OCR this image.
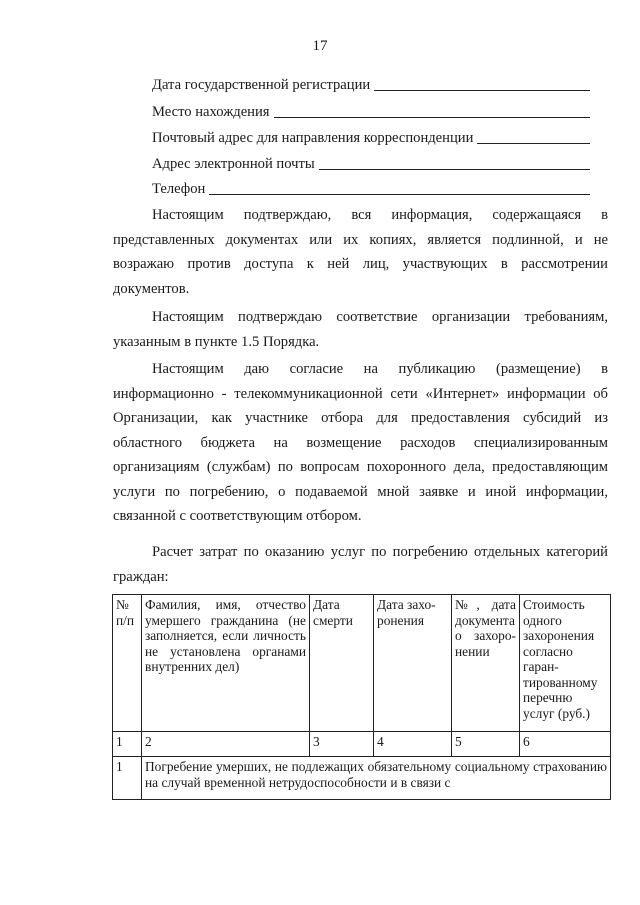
17
Дата государственной регистрации
Место нахождения
Почтовый адрес для направления корреспонденции
Адрес электронной почты
Телефон

Настоящим подтверждаю, вся информация, содержащаяся в представленных документах или их копиях, является подлинной, и не возражаю против доступа к ней лиц, участвующих в рассмотрении документов.

Настоящим подтверждаю соответствие организации требованиям, указанным в пункте 1.5 Порядка.

Настоящим даю согласие на публикацию (размещение) в информационно - телекоммуникационной сети «Интернет» информации об Организации, как участнике отбора для предоставления субсидий из областного бюджета на возмещение расходов специализированным организациям (службам) по вопросам похоронного дела, предоставляющим услуги по погребению, о подаваемой мной заявке и иной информации, связанной с соответствующим отбором.

Расчет затрат по оказанию услуг по погребению отдельных категорий граждан:

№ п/п	Фамилия, имя, отчество умершего гражданина (не заполняется, если личность не установлена органами внутренних дел)	Дата смерти	Дата захо-ронения	№, дата документа о захоро-нении	Стоимость одного захоронения согласно гаран-тированному перечню услуг (руб.)
1	2	3	4	5	6
1	Погребение умерших, не подлежащих обязательному социальному страхованию на случай временной нетрудоспособности и в связи с				
